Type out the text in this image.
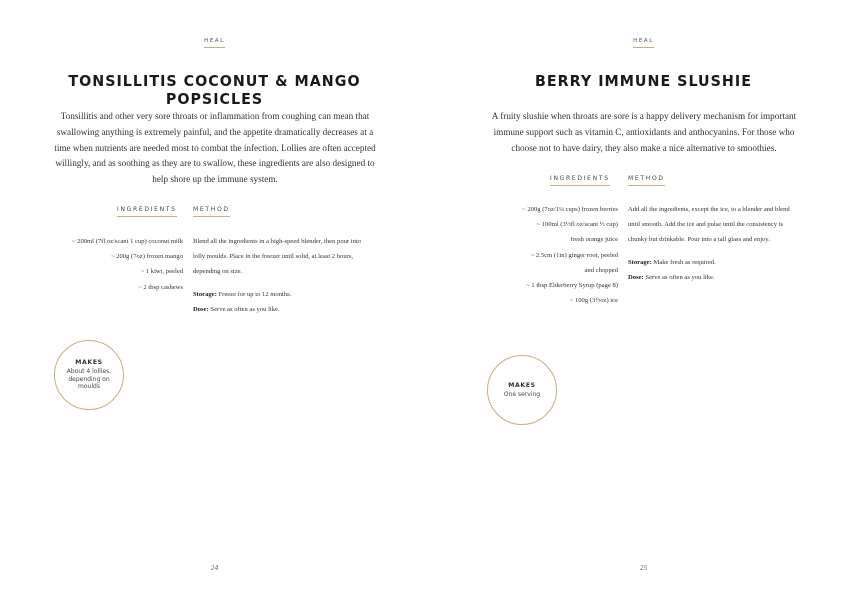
HEAL
TONSILLITIS COCONUT & MANGO POPSICLES

Tonsillitis and other very sore throats or inflammation from coughing can mean that swallowing anything is extremely painful, and the appetite dramatically decreases at a time when nutrients are needed most to combat the infection. Lollies are often accepted willingly, and as soothing as they are to swallow, these ingredients are also designed to help shore up the immune system.

INGREDIENTS	METHOD
~ 200ml (7fl oz/scant 1 cup) coconut milk
~ 200g (7oz) frozen mango
~ 1 kiwi, peeled
~ 2 tbsp cashews

Blend all the ingredients in a high-speed blender, then pour into lolly moulds. Place in the freezer until solid, at least 2 hours, depending on size.

Storage: Freeze for up to 12 months.

Dose: Serve as often as you like.

MAKES
About 4 lollies, depending on moulds
24
HEAL
BERRY IMMUNE SLUSHIE

A fruity slushie when throats are sore is a happy delivery mechanism for important immune support such as vitamin C, antioxidants and anthocyanins. For those who choose not to have dairy, they also make a nice alternative to smoothies.

INGREDIENTS	METHOD
~ 200g (7oz/1¼ cups) frozen berries
~ 100ml (3½fl oz/scant ½ cup)
fresh orange juice
~ 2.5cm (1in) ginger root, peeled
and chopped
~ 1 tbsp Elderberry Syrup (page 8)
~ 100g (3½oz) ice

Add all the ingredients, except the ice, to a blender and blend until smooth. Add the ice and pulse until the consistency is chunky but drinkable. Pour into a tall glass and enjoy.

Storage: Make fresh as required.

Dose: Serve as often as you like.

MAKES
One serving
25
